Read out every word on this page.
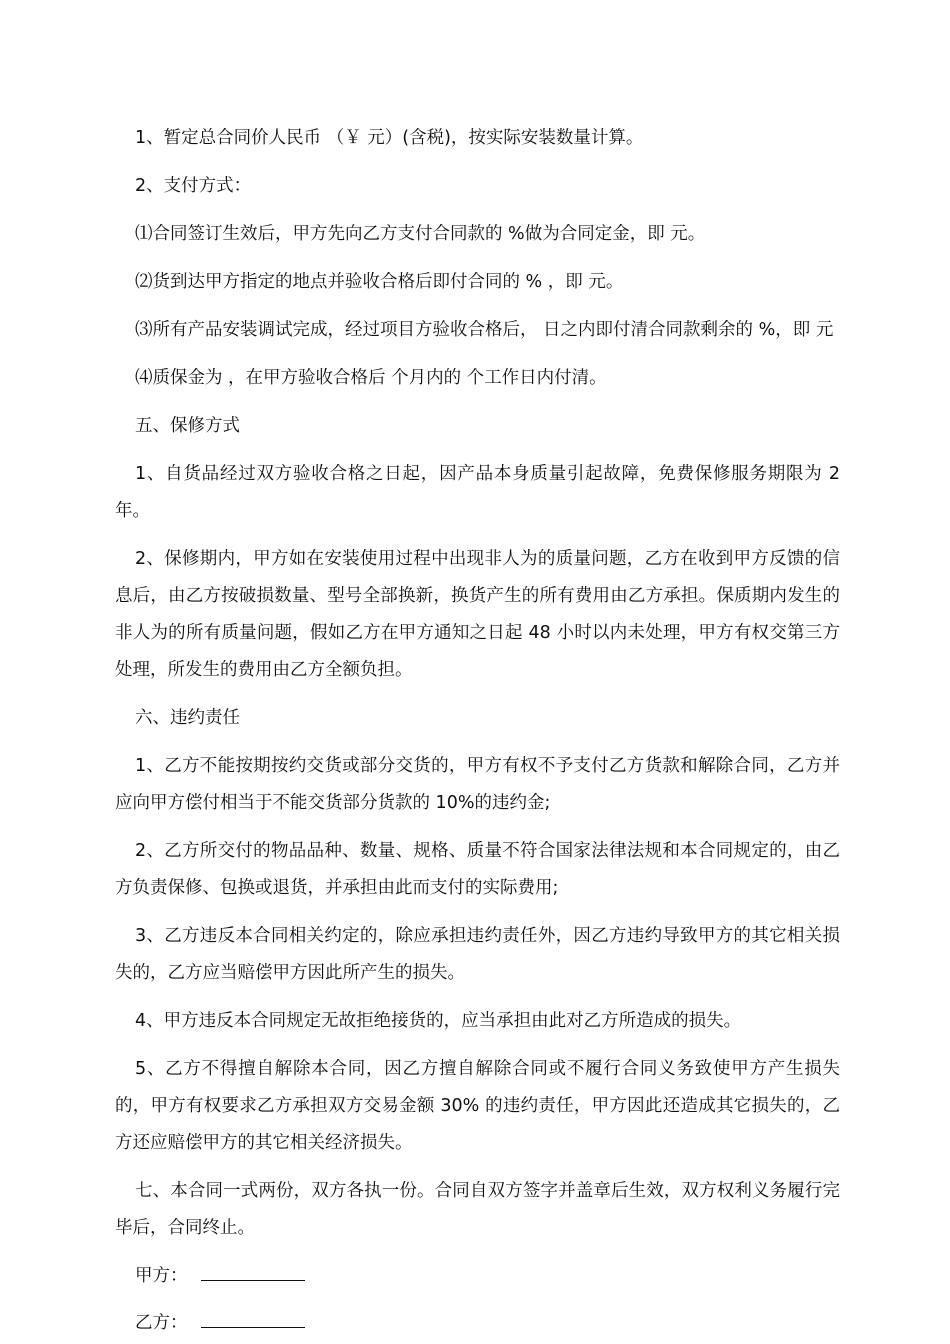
1、暂定总合同价人民币 （￥ 元）(含税)，按实际安装数量计算。

2、支付方式：

⑴合同签订生效后，甲方先向乙方支付合同款的 %做为合同定金，即 元。

⑵货到达甲方指定的地点并验收合格后即付合同的 % ，即 元。

⑶所有产品安装调试完成，经过项目方验收合格后， 日之内即付清合同款剩余的 %，即 元

⑷质保金为 ，在甲方验收合格后 个月内的 个工作日内付清。

五、保修方式

1、自货品经过双方验收合格之日起，因产品本身质量引起故障，免费保修服务期限为 2 年。

2、保修期内，甲方如在安装使用过程中出现非人为的质量问题，乙方在收到甲方反馈的信息后，由乙方按破损数量、型号全部换新，换货产生的所有费用由乙方承担。保质期内发生的非人为的所有质量问题，假如乙方在甲方通知之日起 48 小时以内未处理，甲方有权交第三方处理，所发生的费用由乙方全额负担。

六、违约责任

1、乙方不能按期按约交货或部分交货的，甲方有权不予支付乙方货款和解除合同，乙方并应向甲方偿付相当于不能交货部分货款的 10%的违约金;

2、乙方所交付的物品品种、数量、规格、质量不符合国家法律法规和本合同规定的，由乙方负责保修、包换或退货，并承担由此而支付的实际费用;

3、乙方违反本合同相关约定的，除应承担违约责任外，因乙方违约导致甲方的其它相关损失的，乙方应当赔偿甲方因此所产生的损失。

4、甲方违反本合同规定无故拒绝接货的，应当承担由此对乙方所造成的损失。

5、乙方不得擅自解除本合同，因乙方擅自解除合同或不履行合同义务致使甲方产生损失的，甲方有权要求乙方承担双方交易金额 30% 的违约责任，甲方因此还造成其它损失的，乙方还应赔偿甲方的其它相关经济损失。

七、本合同一式两份，双方各执一份。合同自双方签字并盖章后生效，双方权利义务履行完毕后，合同终止。

甲方：
乙方：
